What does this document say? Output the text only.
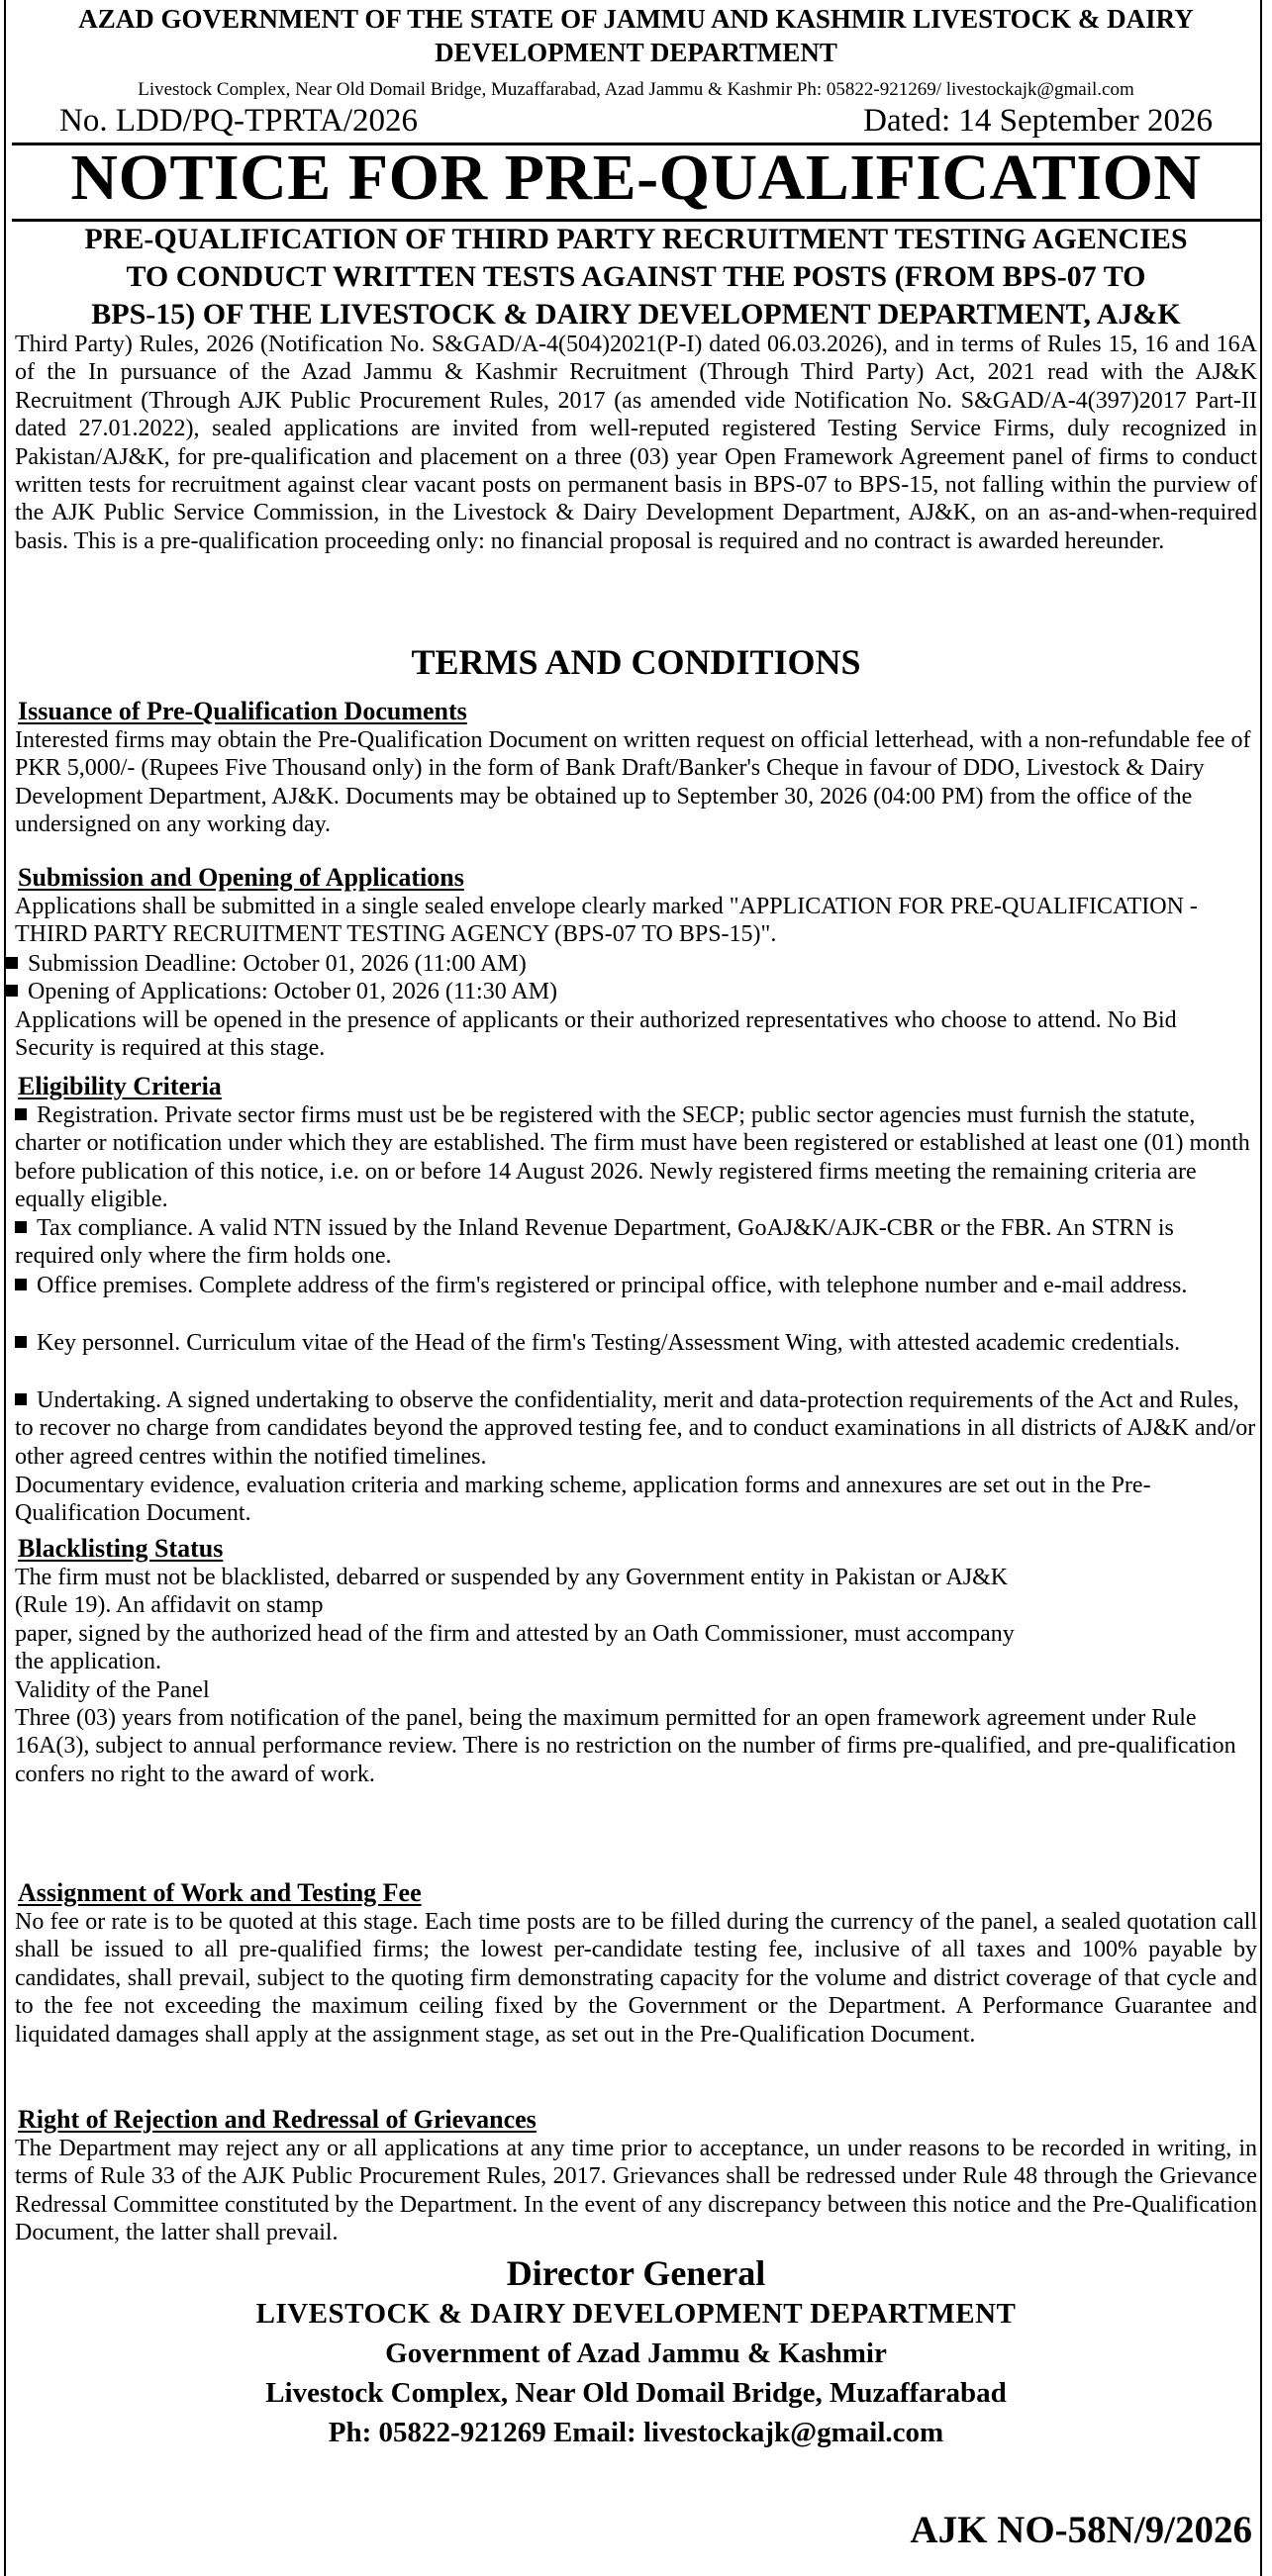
AZAD GOVERNMENT OF THE STATE OF JAMMU AND KASHMIR LIVESTOCK & DAIRY
DEVELOPMENT DEPARTMENT
Livestock Complex, Near Old Domail Bridge, Muzaffarabad, Azad Jammu & Kashmir Ph: 05822-921269/ livestockajk@gmail.com
No. LDD/PQ-TPRTA/2026	Dated: 14 September 2026
NOTICE FOR PRE-QUALIFICATION
PRE-QUALIFICATION OF THIRD PARTY RECRUITMENT TESTING AGENCIES
TO CONDUCT WRITTEN TESTS AGAINST THE POSTS (FROM BPS-07 TO
BPS-15) OF THE LIVESTOCK & DAIRY DEVELOPMENT DEPARTMENT, AJ&K
Third Party) Rules, 2026 (Notification No. S&GAD/A-4(504)2021(P-I) dated 06.03.2026), and in terms of Rules 15, 16 and 16A of the In pursuance of the Azad Jammu & Kashmir Recruitment (Through Third Party) Act, 2021 read with the AJ&K Recruitment (Through AJK Public Procurement Rules, 2017 (as amended vide Notification No. S&GAD/A-4(397)2017 Part-II dated 27.01.2022), sealed applications are invited from well-reputed registered Testing Service Firms, duly recognized in Pakistan/AJ&K, for pre-qualification and placement on a three (03) year Open Framework Agreement panel of firms to conduct written tests for recruitment against clear vacant posts on permanent basis in BPS-07 to BPS-15, not falling within the purview of the AJK Public Service Commission, in the Livestock & Dairy Development Department, AJ&K, on an as-and-when-required basis. This is a pre-qualification proceeding only: no financial proposal is required and no contract is awarded hereunder.
TERMS AND CONDITIONS
Issuance of Pre-Qualification Documents
Interested firms may obtain the Pre-Qualification Document on written request on official letterhead, with a non-refundable fee of PKR 5,000/- (Rupees Five Thousand only) in the form of Bank Draft/Banker's Cheque in favour of DDO, Livestock & Dairy Development Department, AJ&K. Documents may be obtained up to September 30, 2026 (04:00 PM) from the office of the undersigned on any working day.
Submission and Opening of Applications
Applications shall be submitted in a single sealed envelope clearly marked "APPLICATION FOR PRE-QUALIFICATION - THIRD PARTY RECRUITMENT TESTING AGENCY (BPS-07 TO BPS-15)".
Submission Deadline: October 01, 2026 (11:00 AM)
Opening of Applications: October 01, 2026 (11:30 AM)
Applications will be opened in the presence of applicants or their authorized representatives who choose to attend. No Bid Security is required at this stage.
Eligibility Criteria
Registration. Private sector firms must ust be be registered with the SECP; public sector agencies must furnish the statute, charter or notification under which they are established. The firm must have been registered or established at least one (01) month before publication of this notice, i.e. on or before 14 August 2026. Newly registered firms meeting the remaining criteria are equally eligible.
Tax compliance. A valid NTN issued by the Inland Revenue Department, GoAJ&K/AJK-CBR or the FBR. An STRN is required only where the firm holds one.
Office premises. Complete address of the firm's registered or principal office, with telephone number and e-mail address.
Key personnel. Curriculum vitae of the Head of the firm's Testing/Assessment Wing, with attested academic credentials.
Undertaking. A signed undertaking to observe the confidentiality, merit and data-protection requirements of the Act and Rules, to recover no charge from candidates beyond the approved testing fee, and to conduct examinations in all districts of AJ&K and/or other agreed centres within the notified timelines.
Documentary evidence, evaluation criteria and marking scheme, application forms and annexures are set out in the Pre-Qualification Document.
Blacklisting Status

The firm must not be blacklisted, debarred or suspended by any Government entity in Pakistan or AJ&K

(Rule 19). An affidavit on stamp

paper, signed by the authorized head of the firm and attested by an Oath Commissioner, must accompany

the application.

Validity of the Panel

Three (03) years from notification of the panel, being the maximum permitted for an open framework agreement under Rule 16A(3), subject to annual performance review. There is no restriction on the number of firms pre-qualified, and pre-qualification confers no right to the award of work.

Assignment of Work and Testing Fee
No fee or rate is to be quoted at this stage. Each time posts are to be filled during the currency of the panel, a sealed quotation call shall be issued to all pre-qualified firms; the lowest per-candidate testing fee, inclusive of all taxes and 100% payable by candidates, shall prevail, subject to the quoting firm demonstrating capacity for the volume and district coverage of that cycle and to the fee not exceeding the maximum ceiling fixed by the Government or the Department. A Performance Guarantee and liquidated damages shall apply at the assignment stage, as set out in the Pre-Qualification Document.
Right of Rejection and Redressal of Grievances
The Department may reject any or all applications at any time prior to acceptance, un under reasons to be recorded in writing, in terms of Rule 33 of the AJK Public Procurement Rules, 2017. Grievances shall be redressed under Rule 48 through the Grievance Redressal Committee constituted by the Department. In the event of any discrepancy between this notice and the Pre-Qualification Document, the latter shall prevail.
Director General
LIVESTOCK & DAIRY DEVELOPMENT DEPARTMENT
Government of Azad Jammu & Kashmir
Livestock Complex, Near Old Domail Bridge, Muzaffarabad
Ph: 05822-921269 Email: livestockajk@gmail.com
AJK NO-58N/9/2026
